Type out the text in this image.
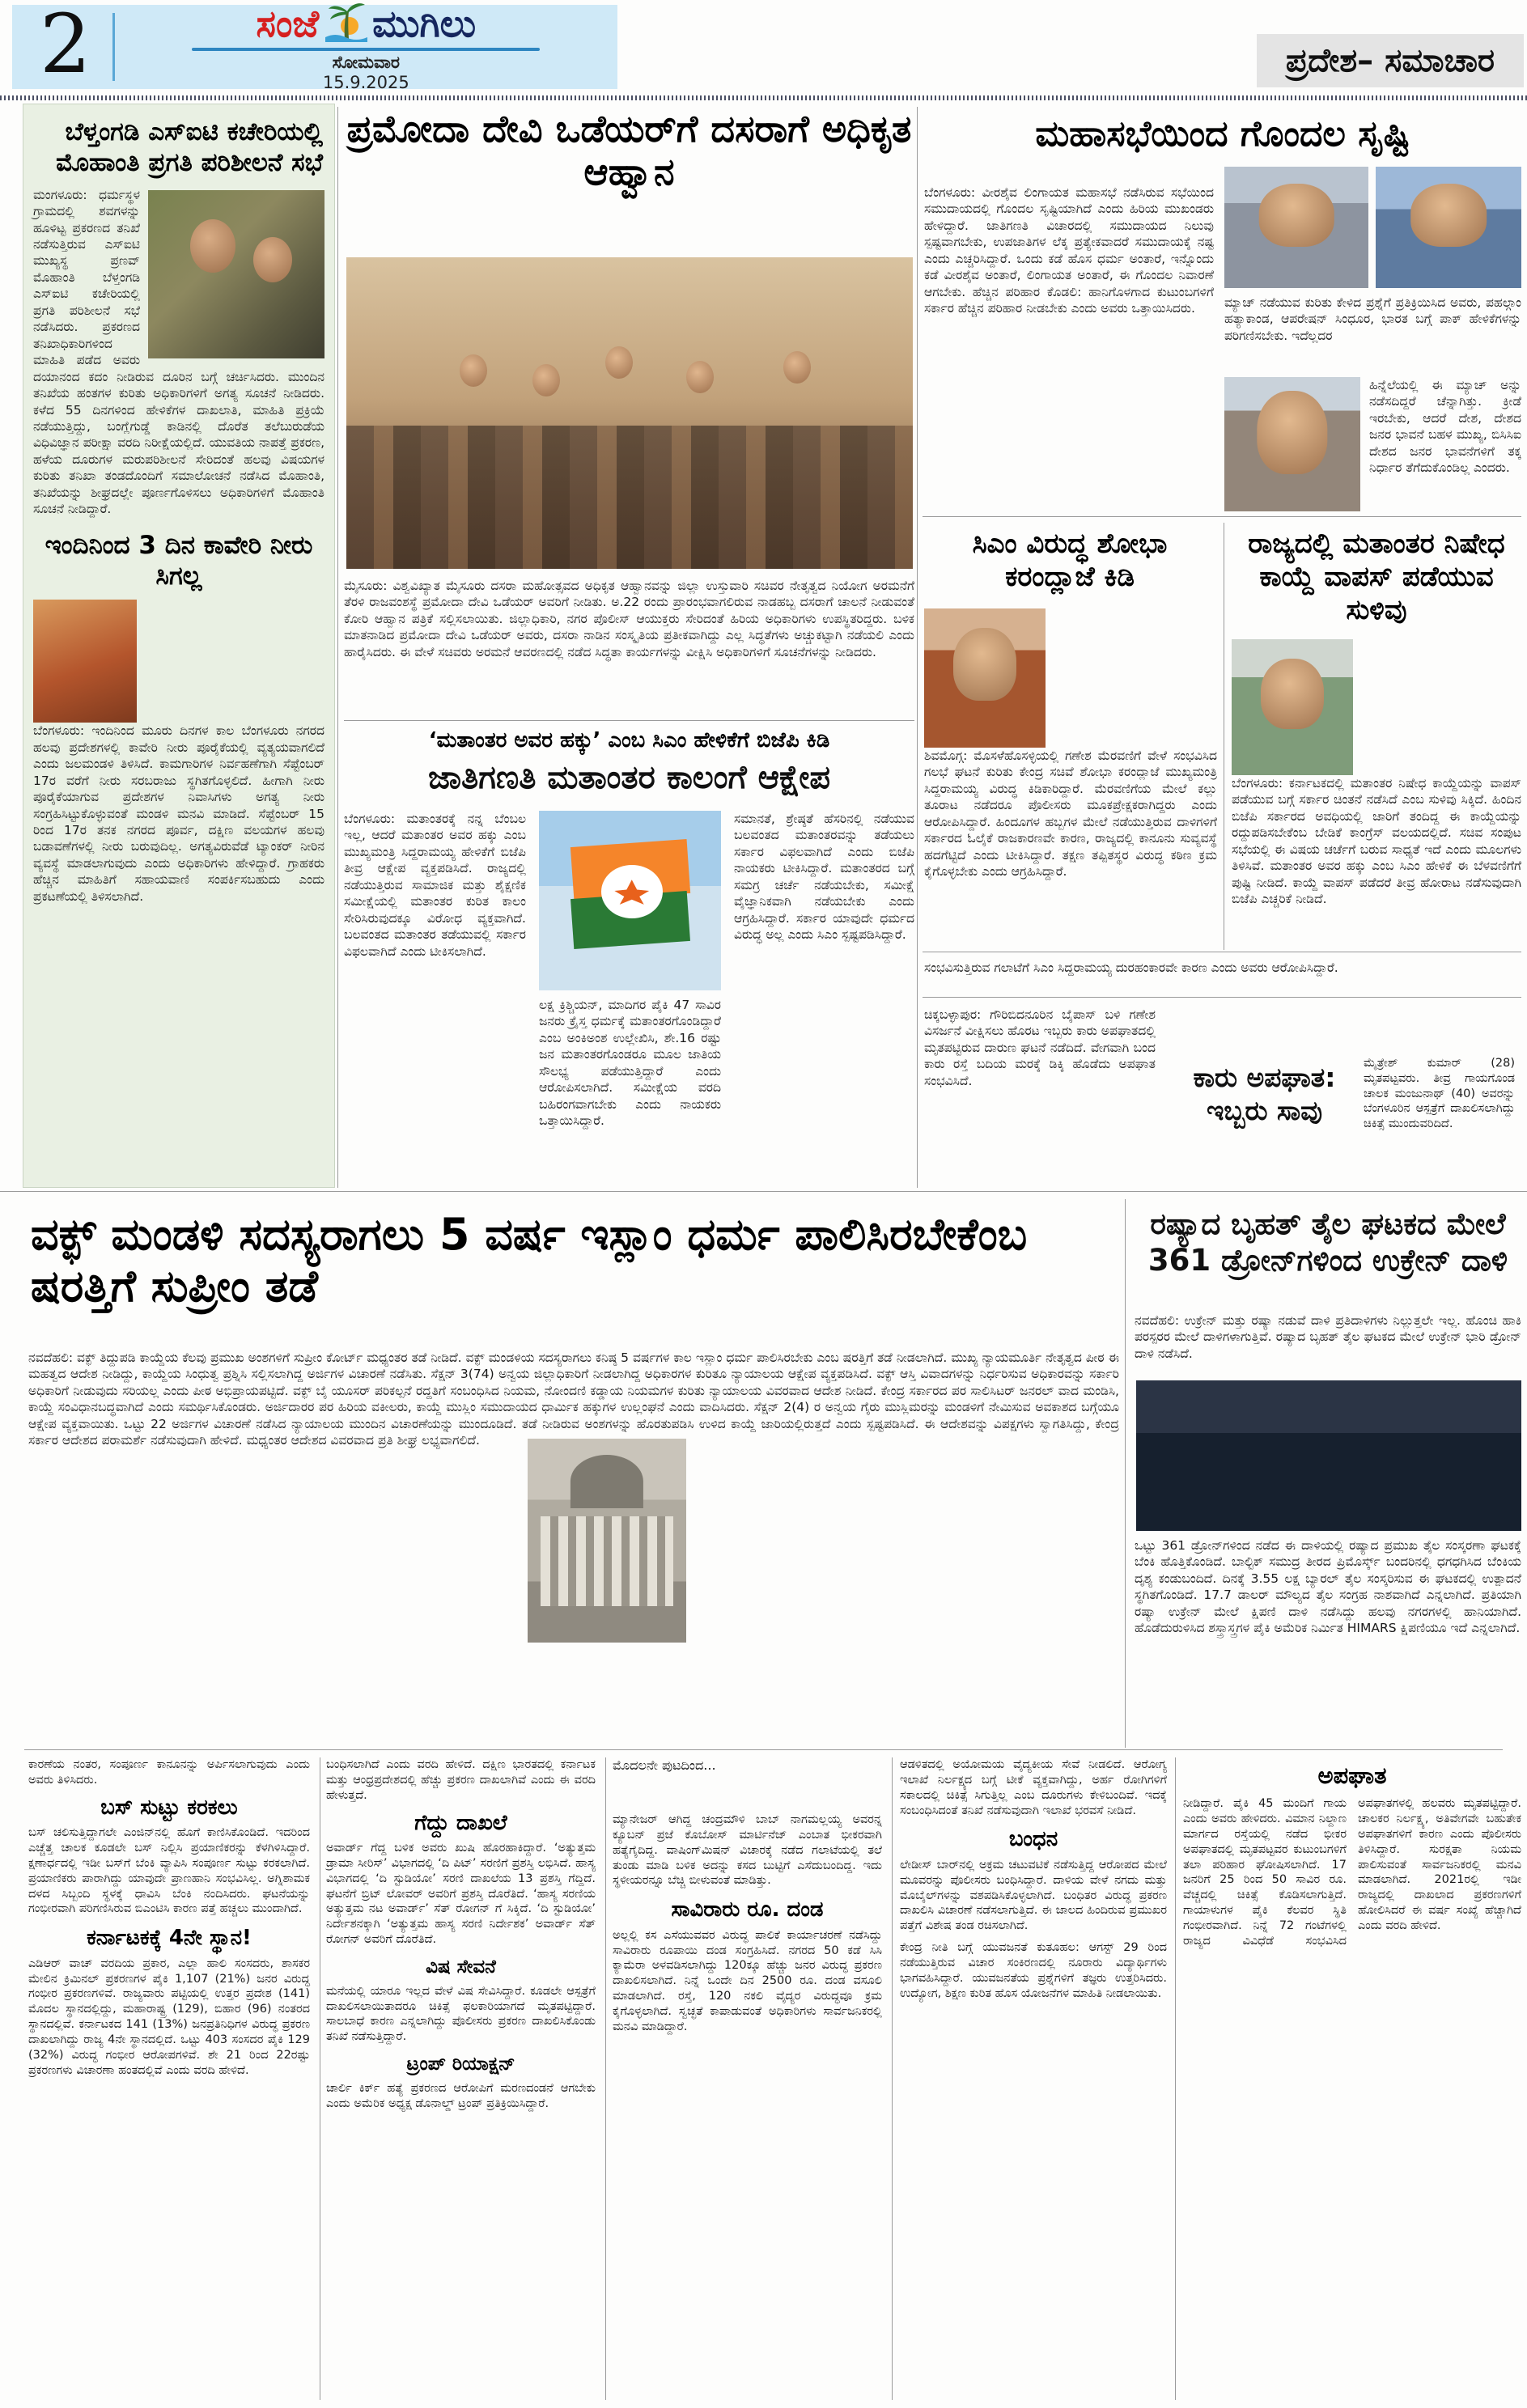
2	ಸಂಜೆ ಮುಗಿಲು
ಸೋಮವಾರ
15.9.2025
ಪ್ರದೇಶ– ಸಮಾಚಾರ
ಬೆಳ್ತಂಗಡಿ ಎಸ್‌ಐಟಿ ಕಚೇರಿಯಲ್ಲಿ ಮೊಹಾಂತಿ ಪ್ರಗತಿ ಪರಿಶೀಲನೆ ಸಭೆ
ಮಂಗಳೂರು: ಧರ್ಮಸ್ಥಳ ಗ್ರಾಮದಲ್ಲಿ ಶವಗಳನ್ನು ಹೂಳಿಟ್ಟ ಪ್ರಕರಣದ ತನಿಖೆ ನಡೆಸುತ್ತಿರುವ ಎಸ್‌ಐಟಿ ಮುಖ್ಯಸ್ಥ ಪ್ರಣವ್ ಮೊಹಾಂತಿ ಬೆಳ್ತಂಗಡಿ ಎಸ್‌ಐಟಿ ಕಚೇರಿಯಲ್ಲಿ ಪ್ರಗತಿ ಪರಿಶೀಲನೆ ಸಭೆ ನಡೆಸಿದರು. ಪ್ರಕರಣದ ತನಿಖಾಧಿಕಾರಿಗಳಿಂದ ಮಾಹಿತಿ ಪಡೆದ ಅವರು ದಯಾನಂದ ಕದಂ ನೀಡಿರುವ ದೂರಿನ ಬಗ್ಗೆ ಚರ್ಚಿಸಿದರು. ಮುಂದಿನ ತನಿಖೆಯ ಹಂತಗಳ ಕುರಿತು ಅಧಿಕಾರಿಗಳಿಗೆ ಅಗತ್ಯ ಸೂಚನೆ ನೀಡಿದರು. ಕಳೆದ 55 ದಿನಗಳಿಂದ ಹೇಳಿಕೆಗಳ ದಾಖಲಾತಿ, ಮಾಹಿತಿ ಪ್ರಕ್ರಿಯೆ ನಡೆಯುತ್ತಿದ್ದು, ಬಂಗ್ಲೆಗುಡ್ಡೆ ಕಾಡಿನಲ್ಲಿ ದೊರೆತ ತಲೆಬುರುಡೆಯ ವಿಧಿವಿಜ್ಞಾನ ಪರೀಕ್ಷಾ ವರದಿ ನಿರೀಕ್ಷೆಯಲ್ಲಿದೆ. ಯುವತಿಯ ನಾಪತ್ತೆ ಪ್ರಕರಣ, ಹಳೆಯ ದೂರುಗಳ ಮರುಪರಿಶೀಲನೆ ಸೇರಿದಂತೆ ಹಲವು ವಿಷಯಗಳ ಕುರಿತು ತನಿಖಾ ತಂಡದೊಂದಿಗೆ ಸಮಾಲೋಚನೆ ನಡೆಸಿದ ಮೊಹಾಂತಿ, ತನಿಖೆಯನ್ನು ಶೀಘ್ರದಲ್ಲೇ ಪೂರ್ಣಗೊಳಿಸಲು ಅಧಿಕಾರಿಗಳಿಗೆ ಮೊಹಾಂತಿ ಸೂಚನೆ ನೀಡಿದ್ದಾರೆ.
ಇಂದಿನಿಂದ 3 ದಿನ ಕಾವೇರಿ ನೀರು ಸಿಗಲ್ಲ
ಬೆಂಗಳೂರು: ಇಂದಿನಿಂದ ಮೂರು ದಿನಗಳ ಕಾಲ ಬೆಂಗಳೂರು ನಗರದ ಹಲವು ಪ್ರದೇಶಗಳಲ್ಲಿ ಕಾವೇರಿ ನೀರು ಪೂರೈಕೆಯಲ್ಲಿ ವ್ಯತ್ಯಯವಾಗಲಿದೆ ಎಂದು ಜಲಮಂಡಳಿ ತಿಳಿಸಿದೆ. ಕಾಮಗಾರಿಗಳ ನಿರ್ವಹಣೆಗಾಗಿ ಸೆಪ್ಟೆಂಬರ್ 17ರ ವರೆಗೆ ನೀರು ಸರಬರಾಜು ಸ್ಥಗಿತಗೊಳ್ಳಲಿದೆ. ಹೀಗಾಗಿ ನೀರು ಪೂರೈಕೆಯಾಗುವ ಪ್ರದೇಶಗಳ ನಿವಾಸಿಗಳು ಅಗತ್ಯ ನೀರು ಸಂಗ್ರಹಿಸಿಟ್ಟುಕೊಳ್ಳುವಂತೆ ಮಂಡಳಿ ಮನವಿ ಮಾಡಿದೆ. ಸೆಪ್ಟೆಂಬರ್ 15 ರಿಂದ 17ರ ತನಕ ನಗರದ ಪೂರ್ವ, ದಕ್ಷಿಣ ವಲಯಗಳ ಹಲವು ಬಡಾವಣೆಗಳಲ್ಲಿ ನೀರು ಬರುವುದಿಲ್ಲ. ಅಗತ್ಯವಿರುವೆಡೆ ಟ್ಯಾಂಕರ್ ನೀರಿನ ವ್ಯವಸ್ಥೆ ಮಾಡಲಾಗುವುದು ಎಂದು ಅಧಿಕಾರಿಗಳು ಹೇಳಿದ್ದಾರೆ. ಗ್ರಾಹಕರು ಹೆಚ್ಚಿನ ಮಾಹಿತಿಗೆ ಸಹಾಯವಾಣಿ ಸಂಪರ್ಕಿಸಬಹುದು ಎಂದು ಪ್ರಕಟಣೆಯಲ್ಲಿ ತಿಳಿಸಲಾಗಿದೆ.
ಪ್ರಮೋದಾ ದೇವಿ ಒಡೆಯರ್‌ಗೆ ದಸರಾಗೆ ಅಧಿಕೃತ ಆಹ್ವಾನ
ಮೈಸೂರು: ವಿಶ್ವವಿಖ್ಯಾತ ಮೈಸೂರು ದಸರಾ ಮಹೋತ್ಸವದ ಅಧಿಕೃತ ಆಹ್ವಾನವನ್ನು ಜಿಲ್ಲಾ ಉಸ್ತುವಾರಿ ಸಚಿವರ ನೇತೃತ್ವದ ನಿಯೋಗ ಅರಮನೆಗೆ ತೆರಳಿ ರಾಜವಂಶಸ್ಥೆ ಪ್ರಮೋದಾ ದೇವಿ ಒಡೆಯರ್ ಅವರಿಗೆ ನೀಡಿತು. ಅ.22 ರಂದು ಪ್ರಾರಂಭವಾಗಲಿರುವ ನಾಡಹಬ್ಬ ದಸರಾಗೆ ಚಾಲನೆ ನೀಡುವಂತೆ ಕೋರಿ ಆಹ್ವಾನ ಪತ್ರಿಕೆ ಸಲ್ಲಿಸಲಾಯಿತು. ಜಿಲ್ಲಾಧಿಕಾರಿ, ನಗರ ಪೊಲೀಸ್ ಆಯುಕ್ತರು ಸೇರಿದಂತೆ ಹಿರಿಯ ಅಧಿಕಾರಿಗಳು ಉಪಸ್ಥಿತರಿದ್ದರು. ಬಳಿಕ ಮಾತನಾಡಿದ ಪ್ರಮೋದಾ ದೇವಿ ಒಡೆಯರ್ ಅವರು, ದಸರಾ ನಾಡಿನ ಸಂಸ್ಕೃತಿಯ ಪ್ರತೀಕವಾಗಿದ್ದು ಎಲ್ಲ ಸಿದ್ಧತೆಗಳು ಅಚ್ಚುಕಟ್ಟಾಗಿ ನಡೆಯಲಿ ಎಂದು ಹಾರೈಸಿದರು. ಈ ವೇಳೆ ಸಚಿವರು ಅರಮನೆ ಆವರಣದಲ್ಲಿ ನಡೆದ ಸಿದ್ಧತಾ ಕಾರ್ಯಗಳನ್ನು ವೀಕ್ಷಿಸಿ ಅಧಿಕಾರಿಗಳಿಗೆ ಸೂಚನೆಗಳನ್ನು ನೀಡಿದರು.
‘ಮತಾಂತರ ಅವರ ಹಕ್ಕು’ ಎಂಬ ಸಿಎಂ ಹೇಳಿಕೆಗೆ ಬಿಜೆಪಿ ಕಿಡಿ
ಜಾತಿಗಣತಿ ಮತಾಂತರ ಕಾಲಂಗೆ ಆಕ್ಷೇಪ
ಬೆಂಗಳೂರು: ಮತಾಂತರಕ್ಕೆ ನನ್ನ ಬೆಂಬಲ ಇಲ್ಲ, ಆದರೆ ಮತಾಂತರ ಅವರ ಹಕ್ಕು ಎಂಬ ಮುಖ್ಯಮಂತ್ರಿ ಸಿದ್ದರಾಮಯ್ಯ ಹೇಳಿಕೆಗೆ ಬಿಜೆಪಿ ತೀವ್ರ ಆಕ್ಷೇಪ ವ್ಯಕ್ತಪಡಿಸಿದೆ. ರಾಜ್ಯದಲ್ಲಿ ನಡೆಯುತ್ತಿರುವ ಸಾಮಾಜಿಕ ಮತ್ತು ಶೈಕ್ಷಣಿಕ ಸಮೀಕ್ಷೆಯಲ್ಲಿ ಮತಾಂತರ ಕುರಿತ ಕಾಲಂ ಸೇರಿಸಿರುವುದಕ್ಕೂ ವಿರೋಧ ವ್ಯಕ್ತವಾಗಿದೆ. ಬಲವಂತದ ಮತಾಂತರ ತಡೆಯುವಲ್ಲಿ ಸರ್ಕಾರ ವಿಫಲವಾಗಿದೆ ಎಂದು ಟೀಕಿಸಲಾಗಿದೆ.
ಲಕ್ಷ ಕ್ರಿಶ್ಚಿಯನ್, ಮಾದಿಗರ ಪೈಕಿ 47 ಸಾವಿರ ಜನರು ಕ್ರೈಸ್ತ ಧರ್ಮಕ್ಕೆ ಮತಾಂತರಗೊಂಡಿದ್ದಾರೆ ಎಂಬ ಅಂಕಿಅಂಶ ಉಲ್ಲೇಖಿಸಿ, ಶೇ.16 ರಷ್ಟು ಜನ ಮತಾಂತರಗೊಂಡರೂ ಮೂಲ ಜಾತಿಯ ಸೌಲಭ್ಯ ಪಡೆಯುತ್ತಿದ್ದಾರೆ ಎಂದು ಆರೋಪಿಸಲಾಗಿದೆ. ಸಮೀಕ್ಷೆಯ ವರದಿ ಬಹಿರಂಗವಾಗಬೇಕು ಎಂದು ನಾಯಕರು ಒತ್ತಾಯಿಸಿದ್ದಾರೆ.
ಸಮಾನತೆ, ಶ್ರೇಷ್ಠತೆ ಹೆಸರಿನಲ್ಲಿ ನಡೆಯುವ ಬಲವಂತದ ಮತಾಂತರವನ್ನು ತಡೆಯಲು ಸರ್ಕಾರ ವಿಫಲವಾಗಿದೆ ಎಂದು ಬಿಜೆಪಿ ನಾಯಕರು ಟೀಕಿಸಿದ್ದಾರೆ. ಮತಾಂತರದ ಬಗ್ಗೆ ಸಮಗ್ರ ಚರ್ಚೆ ನಡೆಯಬೇಕು, ಸಮೀಕ್ಷೆ ವೈಜ್ಞಾನಿಕವಾಗಿ ನಡೆಯಬೇಕು ಎಂದು ಆಗ್ರಹಿಸಿದ್ದಾರೆ. ಸರ್ಕಾರ ಯಾವುದೇ ಧರ್ಮದ ವಿರುದ್ಧ ಅಲ್ಲ ಎಂದು ಸಿಎಂ ಸ್ಪಷ್ಟಪಡಿಸಿದ್ದಾರೆ.
ಮಹಾಸಭೆಯಿಂದ ಗೊಂದಲ ಸೃಷ್ಟಿ
ಬೆಂಗಳೂರು: ವೀರಶೈವ ಲಿಂಗಾಯತ ಮಹಾಸಭೆ ನಡೆಸಿರುವ ಸಭೆಯಿಂದ ಸಮುದಾಯದಲ್ಲಿ ಗೊಂದಲ ಸೃಷ್ಟಿಯಾಗಿದೆ ಎಂದು ಹಿರಿಯ ಮುಖಂಡರು ಹೇಳಿದ್ದಾರೆ. ಜಾತಿಗಣತಿ ವಿಚಾರದಲ್ಲಿ ಸಮುದಾಯದ ನಿಲುವು ಸ್ಪಷ್ಟವಾಗಬೇಕು, ಉಪಜಾತಿಗಳ ಲೆಕ್ಕ ಪ್ರತ್ಯೇಕವಾದರೆ ಸಮುದಾಯಕ್ಕೆ ನಷ್ಟ ಎಂದು ಎಚ್ಚರಿಸಿದ್ದಾರೆ. ಒಂದು ಕಡೆ ಹೊಸ ಧರ್ಮ ಅಂತಾರೆ, ಇನ್ನೊಂದು ಕಡೆ ವೀರಶೈವ ಅಂತಾರೆ, ಲಿಂಗಾಯತ ಅಂತಾರೆ, ಈ ಗೊಂದಲ ನಿವಾರಣೆ ಆಗಬೇಕು. ಹೆಚ್ಚಿನ ಪರಿಹಾರ ಕೊಡಲಿ: ಹಾನಿಗೊಳಗಾದ ಕುಟುಂಬಗಳಿಗೆ ಸರ್ಕಾರ ಹೆಚ್ಚಿನ ಪರಿಹಾರ ನೀಡಬೇಕು ಎಂದು ಅವರು ಒತ್ತಾಯಿಸಿದರು.	ಮ್ಯಾಚ್ ನಡೆಯುವ ಕುರಿತು ಕೇಳಿದ ಪ್ರಶ್ನೆಗೆ ಪ್ರತಿಕ್ರಿಯಿಸಿದ ಅವರು, ಪಹಲ್ಗಾಂ ಹತ್ಯಾಕಾಂಡ, ಆಪರೇಷನ್ ಸಿಂಧೂರ, ಭಾರತ ಬಗ್ಗೆ ಪಾಕ್ ಹೇಳಿಕೆಗಳನ್ನು ಪರಿಗಣಿಸಬೇಕು. ಇದೆಲ್ಲದರ
ಹಿನ್ನೆಲೆಯಲ್ಲಿ ಈ ಮ್ಯಾಚ್ ಅನ್ನು ನಡೆಸದಿದ್ದರೆ ಚೆನ್ನಾಗಿತ್ತು. ಕ್ರೀಡೆ ಇರಬೇಕು, ಆದರೆ ದೇಶ, ದೇಶದ ಜನರ ಭಾವನೆ ಬಹಳ ಮುಖ್ಯ, ಬಿಸಿಸಿಐ ದೇಶದ ಜನರ ಭಾವನೆಗಳಿಗೆ ತಕ್ಕ ನಿರ್ಧಾರ ತೆಗೆದುಕೊಂಡಿಲ್ಲ ಎಂದರು.
ಸಿಎಂ ವಿರುದ್ಧ ಶೋಭಾ ಕರಂದ್ಲಾಜೆ ಕಿಡಿ
ಶಿವಮೊಗ್ಗ: ಮೊಸಳೆಹೊಸಳ್ಳಿಯಲ್ಲಿ ಗಣೇಶ ಮೆರವಣಿಗೆ ವೇಳೆ ಸಂಭವಿಸಿದ ಗಲಭೆ ಘಟನೆ ಕುರಿತು ಕೇಂದ್ರ ಸಚಿವೆ ಶೋಭಾ ಕರಂದ್ಲಾಜೆ ಮುಖ್ಯಮಂತ್ರಿ ಸಿದ್ದರಾಮಯ್ಯ ವಿರುದ್ಧ ಕಿಡಿಕಾರಿದ್ದಾರೆ. ಮೆರವಣಿಗೆಯ ಮೇಲೆ ಕಲ್ಲು ತೂರಾಟ ನಡೆದರೂ ಪೊಲೀಸರು ಮೂಕಪ್ರೇಕ್ಷಕರಾಗಿದ್ದರು ಎಂದು ಆರೋಪಿಸಿದ್ದಾರೆ. ಹಿಂದೂಗಳ ಹಬ್ಬಗಳ ಮೇಲೆ ನಡೆಯುತ್ತಿರುವ ದಾಳಿಗಳಿಗೆ ಸರ್ಕಾರದ ಓಲೈಕೆ ರಾಜಕಾರಣವೇ ಕಾರಣ, ರಾಜ್ಯದಲ್ಲಿ ಕಾನೂನು ಸುವ್ಯವಸ್ಥೆ ಹದಗೆಟ್ಟಿದೆ ಎಂದು ಟೀಕಿಸಿದ್ದಾರೆ. ತಕ್ಷಣ ತಪ್ಪಿತಸ್ಥರ ವಿರುದ್ಧ ಕಠಿಣ ಕ್ರಮ ಕೈಗೊಳ್ಳಬೇಕು ಎಂದು ಆಗ್ರಹಿಸಿದ್ದಾರೆ.
ರಾಜ್ಯದಲ್ಲಿ ಮತಾಂತರ ನಿಷೇಧ ಕಾಯ್ದೆ ವಾಪಸ್ ಪಡೆಯುವ ಸುಳಿವು
ಬೆಂಗಳೂರು: ಕರ್ನಾಟಕದಲ್ಲಿ ಮತಾಂತರ ನಿಷೇಧ ಕಾಯ್ದೆಯನ್ನು ವಾಪಸ್ ಪಡೆಯುವ ಬಗ್ಗೆ ಸರ್ಕಾರ ಚಿಂತನೆ ನಡೆಸಿದೆ ಎಂಬ ಸುಳಿವು ಸಿಕ್ಕಿದೆ. ಹಿಂದಿನ ಬಿಜೆಪಿ ಸರ್ಕಾರದ ಅವಧಿಯಲ್ಲಿ ಜಾರಿಗೆ ತಂದಿದ್ದ ಈ ಕಾಯ್ದೆಯನ್ನು ರದ್ದುಪಡಿಸಬೇಕೆಂಬ ಬೇಡಿಕೆ ಕಾಂಗ್ರೆಸ್ ವಲಯದಲ್ಲಿದೆ. ಸಚಿವ ಸಂಪುಟ ಸಭೆಯಲ್ಲಿ ಈ ವಿಷಯ ಚರ್ಚೆಗೆ ಬರುವ ಸಾಧ್ಯತೆ ಇದೆ ಎಂದು ಮೂಲಗಳು ತಿಳಿಸಿವೆ. ಮತಾಂತರ ಅವರ ಹಕ್ಕು ಎಂಬ ಸಿಎಂ ಹೇಳಿಕೆ ಈ ಬೆಳವಣಿಗೆಗೆ ಪುಷ್ಟಿ ನೀಡಿದೆ. ಕಾಯ್ದೆ ವಾಪಸ್ ಪಡೆದರೆ ತೀವ್ರ ಹೋರಾಟ ನಡೆಸುವುದಾಗಿ ಬಿಜೆಪಿ ಎಚ್ಚರಿಕೆ ನೀಡಿದೆ.
ಸಂಭವಿಸುತ್ತಿರುವ ಗಲಾಟೆಗೆ ಸಿಎಂ ಸಿದ್ದರಾಮಯ್ಯ ದುರಹಂಕಾರವೇ ಕಾರಣ ಎಂದು ಅವರು ಆರೋಪಿಸಿದ್ದಾರೆ.
ಚಿಕ್ಕಬಳ್ಳಾಪುರ: ಗೌರಿಬಿದನೂರಿನ ಬೈಪಾಸ್ ಬಳಿ ಗಣೇಶ ವಿಸರ್ಜನೆ ವೀಕ್ಷಿಸಲು ಹೊರಟ ಇಬ್ಬರು ಕಾರು ಅಪಘಾತದಲ್ಲಿ ಮೃತಪಟ್ಟಿರುವ ದಾರುಣ ಘಟನೆ ನಡೆದಿದೆ. ವೇಗವಾಗಿ ಬಂದ ಕಾರು ರಸ್ತೆ ಬದಿಯ ಮರಕ್ಕೆ ಡಿಕ್ಕಿ ಹೊಡೆದು ಅಪಘಾತ ಸಂಭವಿಸಿದೆ.	ಕಾರು ಅಪಘಾತ: ಇಬ್ಬರು ಸಾವು
ಮೈತ್ರೇಶ್ ಕುಮಾರ್ (28) ಮೃತಪಟ್ಟವರು. ತೀವ್ರ ಗಾಯಗೊಂಡ ಚಾಲಕ ಮಂಜುನಾಥ್ (40) ಅವರನ್ನು ಬೆಂಗಳೂರಿನ ಆಸ್ಪತ್ರೆಗೆ ದಾಖಲಿಸಲಾಗಿದ್ದು ಚಿಕಿತ್ಸೆ ಮುಂದುವರಿದಿದೆ.
ವಕ್ಫ್ ಮಂಡಳಿ ಸದಸ್ಯರಾಗಲು 5 ವರ್ಷ ಇಸ್ಲಾಂ ಧರ್ಮ ಪಾಲಿಸಿರಬೇಕೆಂಬ ಷರತ್ತಿಗೆ ಸುಪ್ರೀಂ ತಡೆ
ನವದೆಹಲಿ: ವಕ್ಫ್ ತಿದ್ದುಪಡಿ ಕಾಯ್ದೆಯ ಕೆಲವು ಪ್ರಮುಖ ಅಂಶಗಳಿಗೆ ಸುಪ್ರೀಂ ಕೋರ್ಟ್ ಮಧ್ಯಂತರ ತಡೆ ನೀಡಿದೆ. ವಕ್ಫ್ ಮಂಡಳಿಯ ಸದಸ್ಯರಾಗಲು ಕನಿಷ್ಠ 5 ವರ್ಷಗಳ ಕಾಲ ಇಸ್ಲಾಂ ಧರ್ಮ ಪಾಲಿಸಿರಬೇಕು ಎಂಬ ಷರತ್ತಿಗೆ ತಡೆ ನೀಡಲಾಗಿದೆ. ಮುಖ್ಯ ನ್ಯಾಯಮೂರ್ತಿ ನೇತೃತ್ವದ ಪೀಠ ಈ ಮಹತ್ವದ ಆದೇಶ ನೀಡಿದ್ದು, ಕಾಯ್ದೆಯ ಸಿಂಧುತ್ವ ಪ್ರಶ್ನಿಸಿ ಸಲ್ಲಿಸಲಾಗಿದ್ದ ಅರ್ಜಿಗಳ ವಿಚಾರಣೆ ನಡೆಸಿತು. ಸೆಕ್ಷನ್ 3(74) ಅನ್ವಯ ಜಿಲ್ಲಾಧಿಕಾರಿಗೆ ನೀಡಲಾಗಿದ್ದ ಅಧಿಕಾರಗಳ ಕುರಿತೂ ನ್ಯಾಯಾಲಯ ಆಕ್ಷೇಪ ವ್ಯಕ್ತಪಡಿಸಿದೆ. ವಕ್ಫ್ ಆಸ್ತಿ ವಿವಾದಗಳನ್ನು ನಿರ್ಧರಿಸುವ ಅಧಿಕಾರವನ್ನು ಸರ್ಕಾರಿ ಅಧಿಕಾರಿಗೆ ನೀಡುವುದು ಸರಿಯಲ್ಲ ಎಂದು ಪೀಠ ಅಭಿಪ್ರಾಯಪಟ್ಟಿದೆ. ವಕ್ಫ್ ಬೈ ಯೂಸರ್ ಪರಿಕಲ್ಪನೆ ರದ್ದತಿಗೆ ಸಂಬಂಧಿಸಿದ ನಿಯಮ, ನೋಂದಣಿ ಕಡ್ಡಾಯ ನಿಯಮಗಳ ಕುರಿತು ನ್ಯಾಯಾಲಯ ವಿವರವಾದ ಆದೇಶ ನೀಡಿದೆ. ಕೇಂದ್ರ ಸರ್ಕಾರದ ಪರ ಸಾಲಿಸಿಟರ್ ಜನರಲ್ ವಾದ ಮಂಡಿಸಿ, ಕಾಯ್ದೆ ಸಂವಿಧಾನಬದ್ಧವಾಗಿದೆ ಎಂದು ಸಮರ್ಥಿಸಿಕೊಂಡರು. ಅರ್ಜಿದಾರರ ಪರ ಹಿರಿಯ ವಕೀಲರು, ಕಾಯ್ದೆ ಮುಸ್ಲಿಂ ಸಮುದಾಯದ ಧಾರ್ಮಿಕ ಹಕ್ಕುಗಳ ಉಲ್ಲಂಘನೆ ಎಂದು ವಾದಿಸಿದರು. ಸೆಕ್ಷನ್ 2(4) ರ ಅನ್ವಯ ಗೈರು ಮುಸ್ಲಿಮರನ್ನು ಮಂಡಳಿಗೆ ನೇಮಿಸುವ ಅವಕಾಶದ ಬಗ್ಗೆಯೂ ಆಕ್ಷೇಪ ವ್ಯಕ್ತವಾಯಿತು. ಒಟ್ಟು 22 ಅರ್ಜಿಗಳ ವಿಚಾರಣೆ ನಡೆಸಿದ ನ್ಯಾಯಾಲಯ ಮುಂದಿನ ವಿಚಾರಣೆಯನ್ನು ಮುಂದೂಡಿದೆ. ತಡೆ ನೀಡಿರುವ ಅಂಶಗಳನ್ನು ಹೊರತುಪಡಿಸಿ ಉಳಿದ ಕಾಯ್ದೆ ಜಾರಿಯಲ್ಲಿರುತ್ತದೆ ಎಂದು ಸ್ಪಷ್ಟಪಡಿಸಿದೆ. ಈ ಆದೇಶವನ್ನು ವಿಪಕ್ಷಗಳು ಸ್ವಾಗತಿಸಿದ್ದು, ಕೇಂದ್ರ ಸರ್ಕಾರ ಆದೇಶದ ಪರಾಮರ್ಶೆ ನಡೆಸುವುದಾಗಿ ಹೇಳಿದೆ. ಮಧ್ಯಂತರ ಆದೇಶದ ವಿವರವಾದ ಪ್ರತಿ ಶೀಘ್ರ ಲಭ್ಯವಾಗಲಿದೆ.
ರಷ್ಯಾದ ಬೃಹತ್ ತೈಲ ಘಟಕದ ಮೇಲೆ 361 ಡ್ರೋನ್‌ಗಳಿಂದ ಉಕ್ರೇನ್ ದಾಳಿ
ನವದೆಹಲಿ: ಉಕ್ರೇನ್ ಮತ್ತು ರಷ್ಯಾ ನಡುವೆ ದಾಳಿ ಪ್ರತಿದಾಳಿಗಳು ನಿಲ್ಲುತ್ತಲೇ ಇಲ್ಲ. ಹೊಂಚಿ ಹಾಕಿ ಪರಸ್ಪರರ ಮೇಲೆ ದಾಳಿಗಳಾಗುತ್ತಿವೆ. ರಷ್ಯಾದ ಬೃಹತ್ ತೈಲ ಘಟಕದ ಮೇಲೆ ಉಕ್ರೇನ್ ಭಾರಿ ಡ್ರೋನ್ ದಾಳಿ ನಡೆಸಿದೆ.
ಒಟ್ಟು 361 ಡ್ರೋನ್‌ಗಳಿಂದ ನಡೆದ ಈ ದಾಳಿಯಲ್ಲಿ ರಷ್ಯಾದ ಪ್ರಮುಖ ತೈಲ ಸಂಸ್ಕರಣಾ ಘಟಕಕ್ಕೆ ಬೆಂಕಿ ಹೊತ್ತಿಕೊಂಡಿದೆ. ಬಾಲ್ಟಿಕ್ ಸಮುದ್ರ ತೀರದ ಪ್ರಿಮೊರ್ಸ್ಕ್ ಬಂದರಿನಲ್ಲಿ ಧಗಧಗಿಸಿದ ಬೆಂಕಿಯ ದೃಶ್ಯ ಕಂಡುಬಂದಿದೆ. ದಿನಕ್ಕೆ 3.55 ಲಕ್ಷ ಬ್ಯಾರಲ್ ತೈಲ ಸಂಸ್ಕರಿಸುವ ಈ ಘಟಕದಲ್ಲಿ ಉತ್ಪಾದನೆ ಸ್ಥಗಿತಗೊಂಡಿದೆ. 17.7 ಡಾಲರ್ ಮೌಲ್ಯದ ತೈಲ ಸಂಗ್ರಹ ನಾಶವಾಗಿದೆ ಎನ್ನಲಾಗಿದೆ. ಪ್ರತಿಯಾಗಿ ರಷ್ಯಾ ಉಕ್ರೇನ್ ಮೇಲೆ ಕ್ಷಿಪಣಿ ದಾಳಿ ನಡೆಸಿದ್ದು ಹಲವು ನಗರಗಳಲ್ಲಿ ಹಾನಿಯಾಗಿದೆ. ಹೊಡೆದುರುಳಿಸಿದ ಶಸ್ತ್ರಾಸ್ತ್ರಗಳ ಪೈಕಿ ಅಮೆರಿಕ ನಿರ್ಮಿತ HIMARS ಕ್ಷಿಪಣಿಯೂ ಇದೆ ಎನ್ನಲಾಗಿದೆ.
ಕಾರಣೆಯ ನಂತರ, ಸಂಪೂರ್ಣ ಕಾನೂನನ್ನು ಅರ್ಪಿಸಲಾಗುವುದು ಎಂದು ಅವರು ತಿಳಿಸಿದರು.
ಬಸ್ ಸುಟ್ಟು ಕರಕಲು
ಬಸ್ ಚಲಿಸುತ್ತಿದ್ದಾಗಲೇ ಎಂಜಿನ್‌ನಲ್ಲಿ ಹೊಗೆ ಕಾಣಿಸಿಕೊಂಡಿದೆ. ಇದರಿಂದ ಎಚ್ಚೆತ್ತ ಚಾಲಕ ಕೂಡಲೇ ಬಸ್ ನಿಲ್ಲಿಸಿ ಪ್ರಯಾಣಿಕರನ್ನು ಕೆಳಗಿಳಿಸಿದ್ದಾರೆ. ಕ್ಷಣಾರ್ಧದಲ್ಲಿ ಇಡೀ ಬಸ್‌ಗೆ ಬೆಂಕಿ ವ್ಯಾಪಿಸಿ ಸಂಪೂರ್ಣ ಸುಟ್ಟು ಕರಕಲಾಗಿದೆ. ಪ್ರಯಾಣಿಕರು ಪಾರಾಗಿದ್ದು ಯಾವುದೇ ಪ್ರಾಣಹಾನಿ ಸಂಭವಿಸಿಲ್ಲ. ಅಗ್ನಿಶಾಮಕ ದಳದ ಸಿಬ್ಬಂದಿ ಸ್ಥಳಕ್ಕೆ ಧಾವಿಸಿ ಬೆಂಕಿ ನಂದಿಸಿದರು. ಘಟನೆಯನ್ನು ಗಂಭೀರವಾಗಿ ಪರಿಗಣಿಸಿರುವ ಬಿಎಂಟಿಸಿ ಕಾರಣ ಪತ್ತೆ ಹಚ್ಚಲು ಮುಂದಾಗಿದೆ.
ಕರ್ನಾಟಕಕ್ಕೆ 4ನೇ ಸ್ಥಾನ!
ಎಡಿಆರ್ ವಾಚ್ ವರದಿಯ ಪ್ರಕಾರ, ಎಲ್ಲಾ ಹಾಲಿ ಸಂಸದರು, ಶಾಸಕರ ಮೇಲಿನ ಕ್ರಿಮಿನಲ್ ಪ್ರಕರಣಗಳ ಪೈಕಿ 1,107 (21%) ಜನರ ವಿರುದ್ಧ ಗಂಭೀರ ಪ್ರಕರಣಗಳಿವೆ. ರಾಜ್ಯವಾರು ಪಟ್ಟಿಯಲ್ಲಿ ಉತ್ತರ ಪ್ರದೇಶ (141) ಮೊದಲ ಸ್ಥಾನದಲ್ಲಿದ್ದು, ಮಹಾರಾಷ್ಟ್ರ (129), ಬಿಹಾರ (96) ನಂತರದ ಸ್ಥಾನದಲ್ಲಿವೆ. ಕರ್ನಾಟಕದ 141 (13%) ಜನಪ್ರತಿನಿಧಿಗಳ ವಿರುದ್ಧ ಪ್ರಕರಣ ದಾಖಲಾಗಿದ್ದು ರಾಜ್ಯ 4ನೇ ಸ್ಥಾನದಲ್ಲಿದೆ. ಒಟ್ಟು 403 ಸಂಸದರ ಪೈಕಿ 129 (32%) ವಿರುದ್ಧ ಗಂಭೀರ ಆರೋಪಗಳಿವೆ. ಶೇ 21 ರಿಂದ 22ರಷ್ಟು ಪ್ರಕರಣಗಳು ವಿಚಾರಣಾ ಹಂತದಲ್ಲಿವೆ ಎಂದು ವರದಿ ಹೇಳಿದೆ.
ಬಂಧಿಸಲಾಗಿದೆ ಎಂದು ವರದಿ ಹೇಳಿದೆ. ದಕ್ಷಿಣ ಭಾರತದಲ್ಲಿ ಕರ್ನಾಟಕ ಮತ್ತು ಆಂಧ್ರಪ್ರದೇಶದಲ್ಲಿ ಹೆಚ್ಚು ಪ್ರಕರಣ ದಾಖಲಾಗಿವೆ ಎಂದು ಈ ವರದಿ ಹೇಳುತ್ತದೆ.
ಗೆದ್ದು ದಾಖಲೆ
ಅವಾರ್ಡ್ ಗೆದ್ದ ಬಳಿಕ ಅವರು ಖುಷಿ ಹೊರಹಾಕಿದ್ದಾರೆ. ‘ಅತ್ಯುತ್ತಮ ಡ್ರಾಮಾ ಸೀರಿಸ್’ ವಿಭಾಗದಲ್ಲಿ ‘ದಿ ಪಿಟ್’ ಸರಣಿಗೆ ಪ್ರಶಸ್ತಿ ಲಭಿಸಿದೆ. ಹಾಸ್ಯ ವಿಭಾಗದಲ್ಲಿ ‘ದಿ ಸ್ಟುಡಿಯೋ’ ಸರಣಿ ದಾಖಲೆಯ 13 ಪ್ರಶಸ್ತಿ ಗೆದ್ದಿದೆ. ಘಟನೆಗೆ ಬ್ರಿಟ್ ಲೋವರ್ ಅವರಿಗೆ ಪ್ರಶಸ್ತಿ ದೊರೆತಿದೆ. ‘ಹಾಸ್ಯ ಸರಣಿಯ ಅತ್ಯುತ್ತಮ ನಟ ಅವಾರ್ಡ್’ ಸೆತ್ ರೋಗನ್ ಗೆ ಸಿಕ್ಕಿದೆ. ‘ದಿ ಸ್ಟುಡಿಯೋ’ ನಿರ್ದೇಶನಕ್ಕಾಗಿ ‘ಅತ್ಯುತ್ತಮ ಹಾಸ್ಯ ಸರಣಿ ನಿರ್ದೇಶಕ’ ಅವಾರ್ಡ್ ಸೆತ್ ರೋಗನ್ ಅವರಿಗೆ ದೊರೆತಿದೆ.
ವಿಷ ಸೇವನೆ
ಮನೆಯಲ್ಲಿ ಯಾರೂ ಇಲ್ಲದ ವೇಳೆ ವಿಷ ಸೇವಿಸಿದ್ದಾರೆ. ಕೂಡಲೇ ಆಸ್ಪತ್ರೆಗೆ ದಾಖಲಿಸಲಾಯಿತಾದರೂ ಚಿಕಿತ್ಸೆ ಫಲಕಾರಿಯಾಗದೆ ಮೃತಪಟ್ಟಿದ್ದಾರೆ. ಸಾಲಬಾಧೆ ಕಾರಣ ಎನ್ನಲಾಗಿದ್ದು ಪೊಲೀಸರು ಪ್ರಕರಣ ದಾಖಲಿಸಿಕೊಂಡು ತನಿಖೆ ನಡೆಸುತ್ತಿದ್ದಾರೆ.
ಟ್ರಂಪ್ ರಿಯಾಕ್ಷನ್
ಚಾರ್ಲಿ ಕಿರ್ಕ್ ಹತ್ಯೆ ಪ್ರಕರಣದ ಆರೋಪಿಗೆ ಮರಣದಂಡನೆ ಆಗಬೇಕು ಎಂದು ಅಮೆರಿಕ ಅಧ್ಯಕ್ಷ ಡೊನಾಲ್ಡ್ ಟ್ರಂಪ್ ಪ್ರತಿಕ್ರಿಯಿಸಿದ್ದಾರೆ.
ಮೊದಲನೇ ಪುಟದಿಂದ...
ಮ್ಯಾನೇಜರ್ ಆಗಿದ್ದ ಚಂದ್ರಮೌಳಿ ಬಾಬ್ ನಾಗಮಲ್ಲಯ್ಯ ಅವರನ್ನ ಕ್ಯೂಬನ್ ಪ್ರಜೆ ಕೊಬೋಸ್ ಮಾರ್ಟಿನೆಜ್ ಎಂಬಾತ ಭೀಕರವಾಗಿ ಹತ್ಯೆಗೈದಿದ್ದ. ವಾಷಿಂಗ್‌ಮಿಷನ್ ವಿಚಾರಕ್ಕೆ ನಡೆದ ಗಲಾಟೆಯಲ್ಲಿ ತಲೆ ತುಂಡು ಮಾಡಿ ಬಳಿಕ ಅದನ್ನು ಕಸದ ಬುಟ್ಟಿಗೆ ಎಸೆದುಬಂದಿದ್ದ. ಇದು ಸ್ಥಳೀಯರನ್ನೂ ಬೆಚ್ಚಿ ಬೀಳುವಂತೆ ಮಾಡಿತ್ತು.
ಸಾವಿರಾರು ರೂ. ದಂಡ
ಅಲ್ಲಲ್ಲಿ ಕಸ ಎಸೆಯುವವರ ವಿರುದ್ಧ ಪಾಲಿಕೆ ಕಾರ್ಯಾಚರಣೆ ನಡೆಸಿದ್ದು ಸಾವಿರಾರು ರೂಪಾಯಿ ದಂಡ ಸಂಗ್ರಹಿಸಿದೆ. ನಗರದ 50 ಕಡೆ ಸಿಸಿ ಕ್ಯಾಮೆರಾ ಅಳವಡಿಸಲಾಗಿದ್ದು 120ಕ್ಕೂ ಹೆಚ್ಚು ಜನರ ವಿರುದ್ಧ ಪ್ರಕರಣ ದಾಖಲಿಸಲಾಗಿದೆ. ನಿನ್ನೆ ಒಂದೇ ದಿನ 2500 ರೂ. ದಂಡ ವಸೂಲಿ ಮಾಡಲಾಗಿದೆ. ರಸ್ತೆ, 120 ನಕಲಿ ವೈದ್ಯರ ವಿರುದ್ಧವೂ ಕ್ರಮ ಕೈಗೊಳ್ಳಲಾಗಿದೆ. ಸ್ವಚ್ಛತೆ ಕಾಪಾಡುವಂತೆ ಅಧಿಕಾರಿಗಳು ಸಾರ್ವಜನಿಕರಲ್ಲಿ ಮನವಿ ಮಾಡಿದ್ದಾರೆ.
ಆಡಳಿತದಲ್ಲಿ ಅಯೋಮಯ ವೈದ್ಯಕೀಯ ಸೇವೆ ನೀಡಲಿದೆ. ಆರೋಗ್ಯ ಇಲಾಖೆ ನಿರ್ಲಕ್ಷ್ಯದ ಬಗ್ಗೆ ಟೀಕೆ ವ್ಯಕ್ತವಾಗಿದ್ದು, ಅರ್ಹ ರೋಗಿಗಳಿಗೆ ಸಕಾಲದಲ್ಲಿ ಚಿಕಿತ್ಸೆ ಸಿಗುತ್ತಿಲ್ಲ ಎಂಬ ದೂರುಗಳು ಕೇಳಿಬಂದಿವೆ. ಇದಕ್ಕೆ ಸಂಬಂಧಿಸಿದಂತೆ ತನಿಖೆ ನಡೆಸುವುದಾಗಿ ಇಲಾಖೆ ಭರವಸೆ ನೀಡಿದೆ.
ಬಂಧನ
ಲೇಡೀಸ್ ಬಾರ್‌ನಲ್ಲಿ ಅಕ್ರಮ ಚಟುವಟಿಕೆ ನಡೆಸುತ್ತಿದ್ದ ಆರೋಪದ ಮೇಲೆ ಮೂವರನ್ನು ಪೊಲೀಸರು ಬಂಧಿಸಿದ್ದಾರೆ. ದಾಳಿಯ ವೇಳೆ ನಗದು ಮತ್ತು ಮೊಬೈಲ್‌ಗಳನ್ನು ವಶಪಡಿಸಿಕೊಳ್ಳಲಾಗಿದೆ. ಬಂಧಿತರ ವಿರುದ್ಧ ಪ್ರಕರಣ ದಾಖಲಿಸಿ ವಿಚಾರಣೆ ನಡೆಸಲಾಗುತ್ತಿದೆ. ಈ ಜಾಲದ ಹಿಂದಿರುವ ಪ್ರಮುಖರ ಪತ್ತೆಗೆ ವಿಶೇಷ ತಂಡ ರಚಿಸಲಾಗಿದೆ.
ಕೇಂದ್ರ ನೀತಿ ಬಗ್ಗೆ ಯುವಜನತೆ ಕುತೂಹಲ: ಆಗಸ್ಟ್ 29 ರಿಂದ ನಡೆಯುತ್ತಿರುವ ವಿಚಾರ ಸಂಕಿರಣದಲ್ಲಿ ನೂರಾರು ವಿದ್ಯಾರ್ಥಿಗಳು ಭಾಗವಹಿಸಿದ್ದಾರೆ. ಯುವಜನತೆಯ ಪ್ರಶ್ನೆಗಳಿಗೆ ತಜ್ಞರು ಉತ್ತರಿಸಿದರು. ಉದ್ಯೋಗ, ಶಿಕ್ಷಣ ಕುರಿತ ಹೊಸ ಯೋಜನೆಗಳ ಮಾಹಿತಿ ನೀಡಲಾಯಿತು.
ಅಪಘಾತ
ನೀಡಿದ್ದಾರೆ. ಪೈಕಿ 45 ಮಂದಿಗೆ ಗಾಯ ಎಂದು ಅವರು ಹೇಳಿದರು. ವಿಮಾನ ನಿಲ್ದಾಣ ಮಾರ್ಗದ ರಸ್ತೆಯಲ್ಲಿ ನಡೆದ ಭೀಕರ ಅಪಘಾತದಲ್ಲಿ ಮೃತಪಟ್ಟವರ ಕುಟುಂಬಗಳಿಗೆ ತಲಾ ಪರಿಹಾರ ಘೋಷಿಸಲಾಗಿದೆ. 17 ಜನರಿಗೆ 25 ರಿಂದ 50 ಸಾವಿರ ರೂ. ವೆಚ್ಚದಲ್ಲಿ ಚಿಕಿತ್ಸೆ ಕೊಡಿಸಲಾಗುತ್ತಿದೆ. ಗಾಯಾಳುಗಳ ಪೈಕಿ ಕೆಲವರ ಸ್ಥಿತಿ ಗಂಭೀರವಾಗಿದೆ. ನಿನ್ನೆ 72 ಗಂಟೆಗಳಲ್ಲಿ ರಾಜ್ಯದ ವಿವಿಧೆಡೆ ಸಂಭವಿಸಿದ ಅಪಘಾತಗಳಲ್ಲಿ ಹಲವರು ಮೃತಪಟ್ಟಿದ್ದಾರೆ. ಚಾಲಕರ ನಿರ್ಲಕ್ಷ್ಯ, ಅತಿವೇಗವೇ ಬಹುತೇಕ ಅಪಘಾತಗಳಿಗೆ ಕಾರಣ ಎಂದು ಪೊಲೀಸರು ತಿಳಿಸಿದ್ದಾರೆ. ಸುರಕ್ಷತಾ ನಿಯಮ ಪಾಲಿಸುವಂತೆ ಸಾರ್ವಜನಿಕರಲ್ಲಿ ಮನವಿ ಮಾಡಲಾಗಿದೆ. 2021ರಲ್ಲಿ ಇಡೀ ರಾಜ್ಯದಲ್ಲಿ ದಾಖಲಾದ ಪ್ರಕರಣಗಳಿಗೆ ಹೋಲಿಸಿದರೆ ಈ ವರ್ಷ ಸಂಖ್ಯೆ ಹೆಚ್ಚಾಗಿದೆ ಎಂದು ವರದಿ ಹೇಳಿದೆ.
